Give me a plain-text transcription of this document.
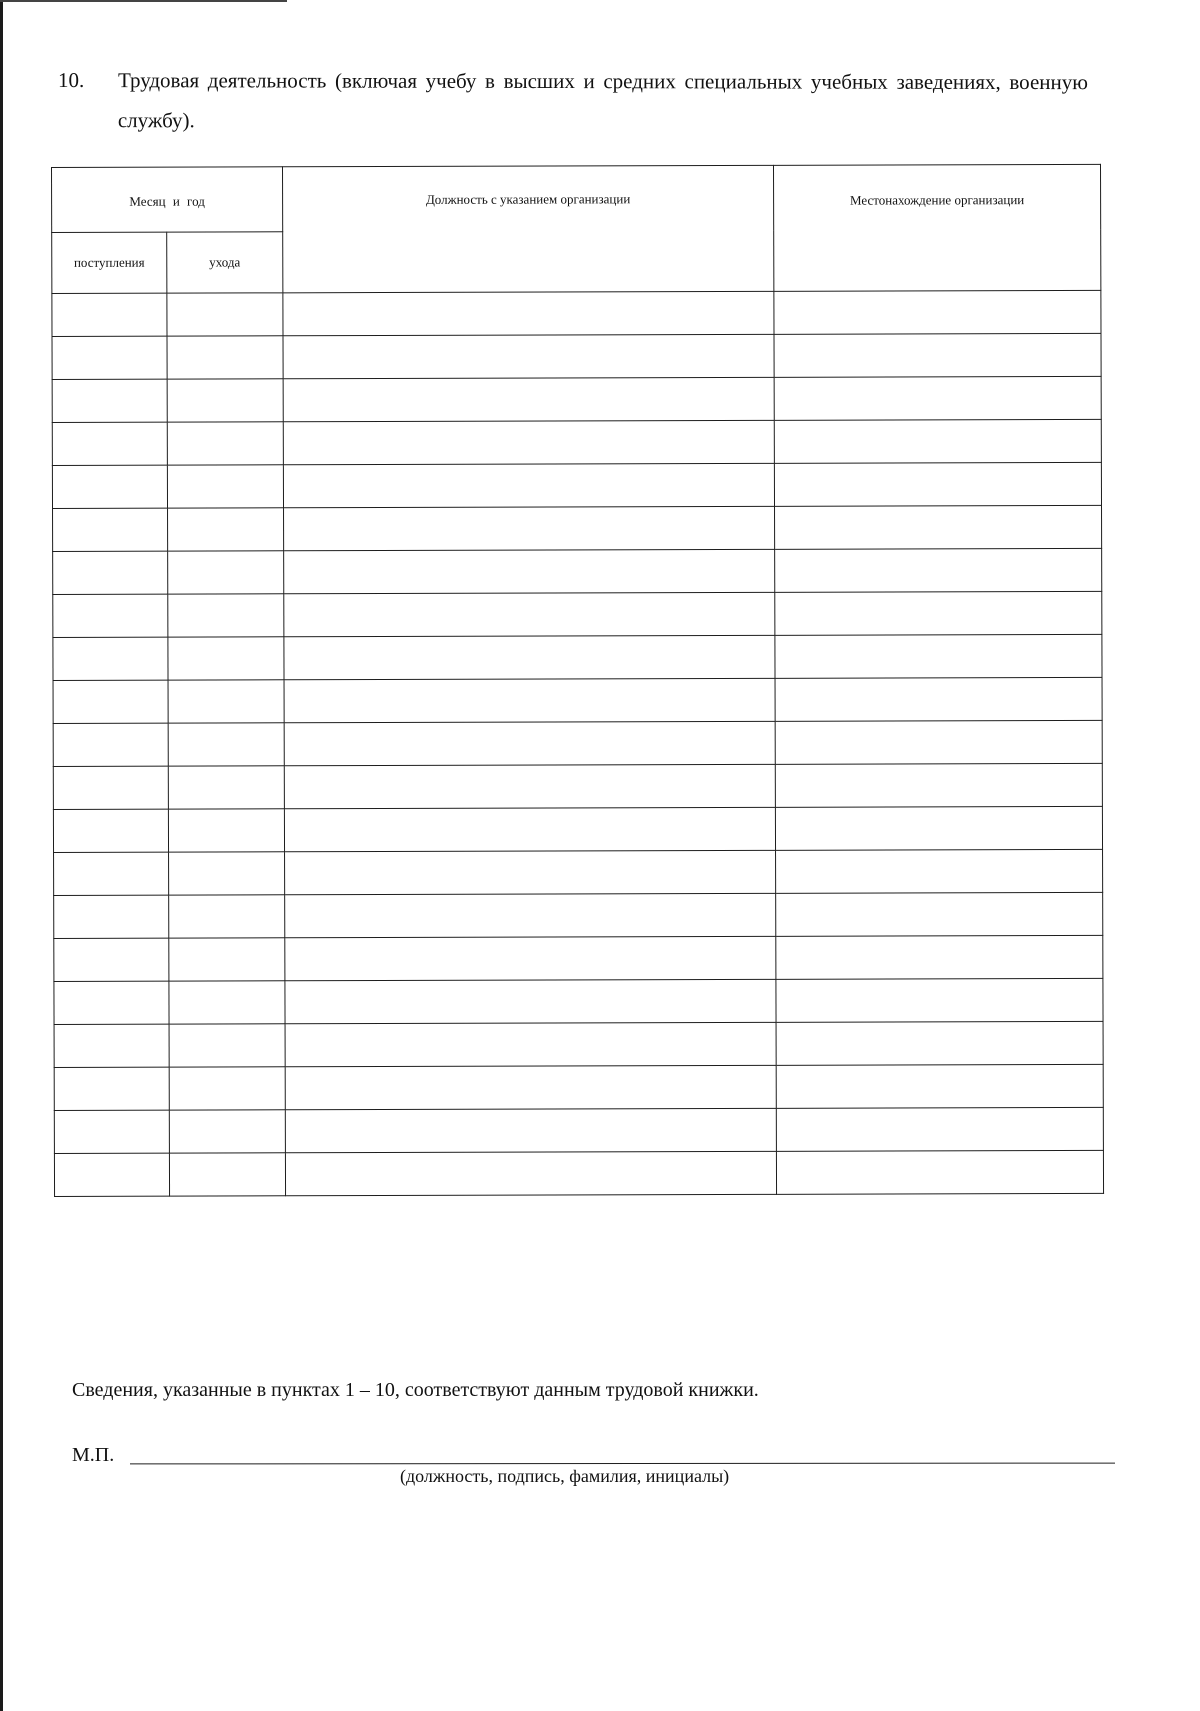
10. Трудовая деятельность (включая учебу в высших и средних специальных учебных заведениях, военную службу).
Месяц и год		Должность с указанием организации	Местонахождение организации
поступления	ухода		

Сведения, указанные в пунктах 1 – 10, соответствуют данным трудовой книжки.
М.П.
(должность, подпись, фамилия, инициалы)
